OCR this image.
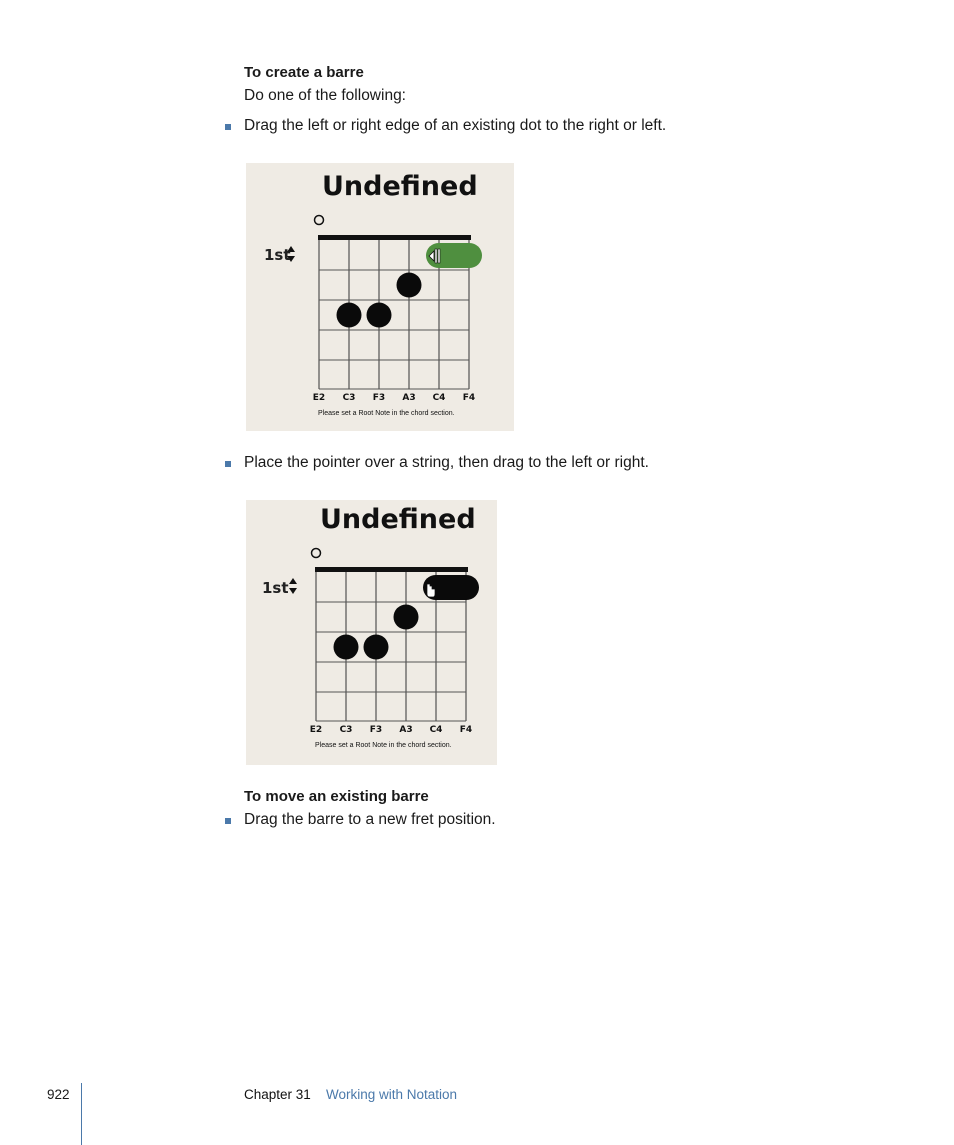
To create a barre
Do one of the following:
Drag the left or right edge of an existing dot to the right or left.
Undefined
1st
E2	C3	F3	A3	C4	F4
Please set a Root Note in the chord section.
Place the pointer over a string, then drag to the left or right.
Undefined
1st
E2	C3	F3	A3	C4	F4
Please set a Root Note in the chord section.
To move an existing barre
Drag the barre to a new fret position.
922	Chapter 31 Working with Notation
